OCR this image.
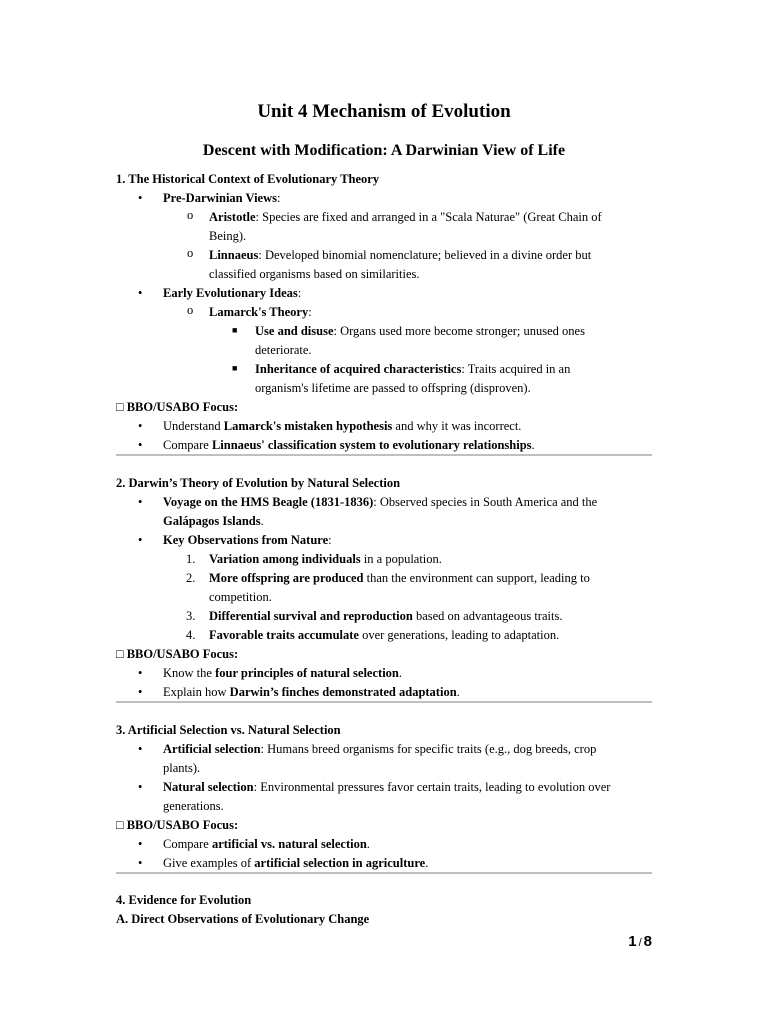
Unit 4 Mechanism of Evolution
Descent with Modification: A Darwinian View of Life
1. The Historical Context of Evolutionary Theory
• Pre-Darwinian Views:
o Aristotle: Species are fixed and arranged in a "Scala Naturae" (Great Chain of
Being).
o Linnaeus: Developed binomial nomenclature; believed in a divine order but
classified organisms based on similarities.
• Early Evolutionary Ideas:
o Lamarck's Theory:
■ Use and disuse: Organs used more become stronger; unused ones
deteriorate.
■ Inheritance of acquired characteristics: Traits acquired in an
organism's lifetime are passed to offspring (disproven).
□ BBO/USABO Focus:
• Understand Lamarck's mistaken hypothesis and why it was incorrect.
• Compare Linnaeus' classification system to evolutionary relationships.
2. Darwin’s Theory of Evolution by Natural Selection
• Voyage on the HMS Beagle (1831-1836): Observed species in South America and the
Galápagos Islands.
• Key Observations from Nature:
1. Variation among individuals in a population.
2. More offspring are produced than the environment can support, leading to
competition.
3. Differential survival and reproduction based on advantageous traits.
4. Favorable traits accumulate over generations, leading to adaptation.
□ BBO/USABO Focus:
• Know the four principles of natural selection.
• Explain how Darwin’s finches demonstrated adaptation.
3. Artificial Selection vs. Natural Selection
• Artificial selection: Humans breed organisms for specific traits (e.g., dog breeds, crop
plants).
• Natural selection: Environmental pressures favor certain traits, leading to evolution over
generations.
□ BBO/USABO Focus:
• Compare artificial vs. natural selection.
• Give examples of artificial selection in agriculture.
4. Evidence for Evolution
A. Direct Observations of Evolutionary Change
1 / 8
